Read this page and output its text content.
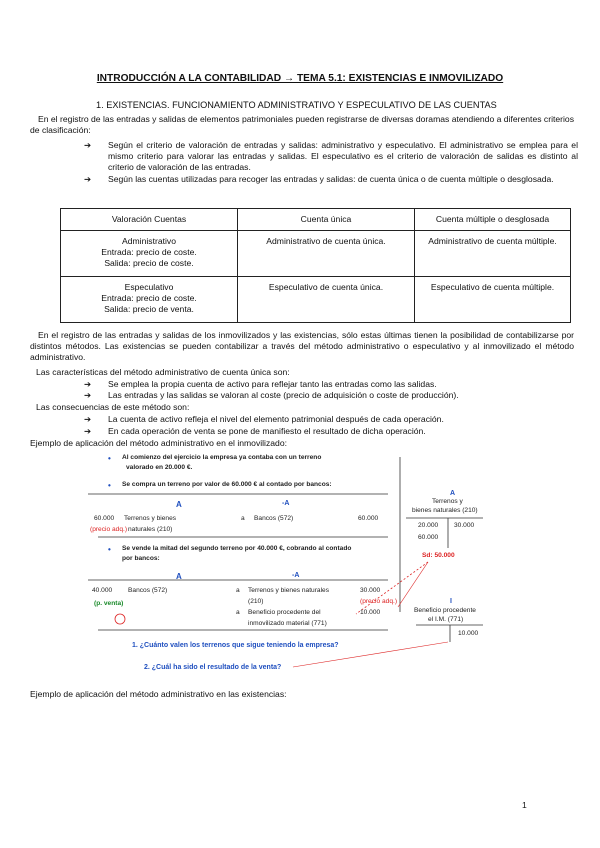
INTRODUCCIÓN A LA CONTABILIDAD → TEMA 5.1: EXISTENCIAS E INMOVILIZADO
1. EXISTENCIAS. FUNCIONAMIENTO ADMINISTRATIVO Y ESPECULATIVO DE LAS CUENTAS
En el registro de las entradas y salidas de elementos patrimoniales pueden registrarse de diversas doramas atendiendo a diferentes criterios de clasificación:
➔ Según el criterio de valoración de entradas y salidas: administrativo y especulativo. El administrativo se emplea para el mismo criterio para valorar las entradas y salidas. El especulativo es el criterio de valoración de salidas es distinto al criterio de valoración de las entradas.
➔ Según las cuentas utilizadas para recoger las entradas y salidas: de cuenta única o de cuenta múltiple o desglosada.
Valoración Cuentas	Cuenta única	Cuenta múltiple o desglosada

Administrativo
Entrada: precio de coste.
Salida: precio de coste.	Administrativo de cuenta única.	Administrativo de cuenta múltiple.

Especulativo
Entrada: precio de coste.
Salida: precio de venta.	Especulativo de cuenta única.	Especulativo de cuenta múltiple.
En el registro de las entradas y salidas de los inmovilizados y las existencias, sólo estas últimas tienen la posibilidad de contabilizarse por distintos métodos. Las existencias se pueden contabilizar a través del método administrativo o especulativo y al inmovilizado el método administrativo.
Las características del método administrativo de cuenta única son:
➔ Se emplea la propia cuenta de activo para reflejar tanto las entradas como las salidas.
➔ Las entradas y las salidas se valoran al coste (precio de adquisición o coste de producción).
Las consecuencias de este método son:
➔ La cuenta de activo refleja el nivel del elemento patrimonial después de cada operación.
➔ En cada operación de venta se pone de manifiesto el resultado de dicha operación.
Ejemplo de aplicación del método administrativo en el inmovilizado:
• Al comienzo del ejercicio la empresa ya contaba con un terreno
valorado en 20.000 €.
• Se compra un terreno por valor de 60.000 € al contado por bancos:
A	-A
60.000 Terrenos y bienes
naturales (210)
(precio adq.)
a Bancos (572)	60.000
A
Terrenos y
bienes naturales (210)
20.000
60.000
30.000
Sd: 50.000
• Se vende la mitad del segundo terreno por 40.000 €, cobrando al contado
por bancos:
A	-A
40.000 Bancos (572)
(p. venta)
a Terrenos y bienes naturales
(210)
30.000
(precio adq.)
a Beneficio procedente del
inmovilizado material (771)
10.000
I
Beneficio procedente
el I.M. (771)
10.000
1. ¿Cuánto valen los terrenos que sigue teniendo la empresa?
2. ¿Cuál ha sido el resultado de la venta?
Ejemplo de aplicación del método administrativo en las existencias:
1
